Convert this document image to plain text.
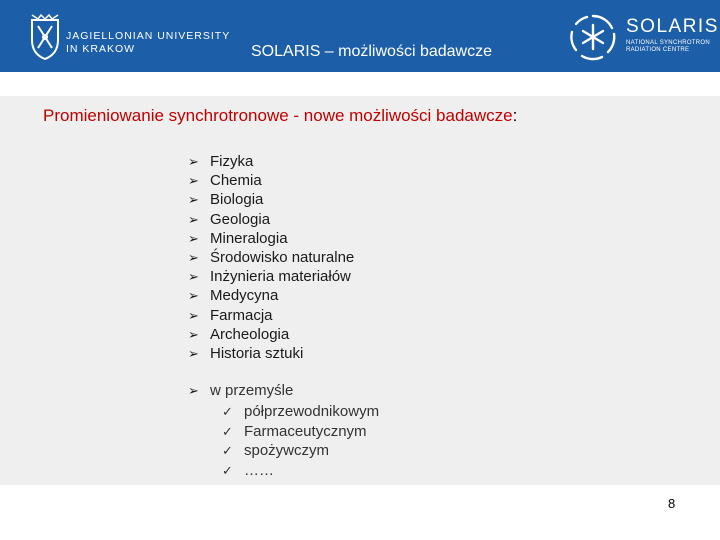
JAGIELLONIAN UNIVERSITY
IN KRAKOW	SOLARIS – możliwości badawcze
SOLARIS
NATIONAL SYNCHROTRON
RADIATION CENTRE
Promieniowanie synchrotronowe - nowe możliwości badawcze:
➢ Fizyka
➢ Chemia
➢ Biologia
➢ Geologia
➢ Mineralogia
➢ Środowisko naturalne
➢ Inżynieria materiałów
➢ Medycyna
➢ Farmacja
➢ Archeologia
➢ Historia sztuki
➢ w przemyśle
✓ półprzewodnikowym
✓ Farmaceutycznym
✓ spożywczym
✓ ……
8
